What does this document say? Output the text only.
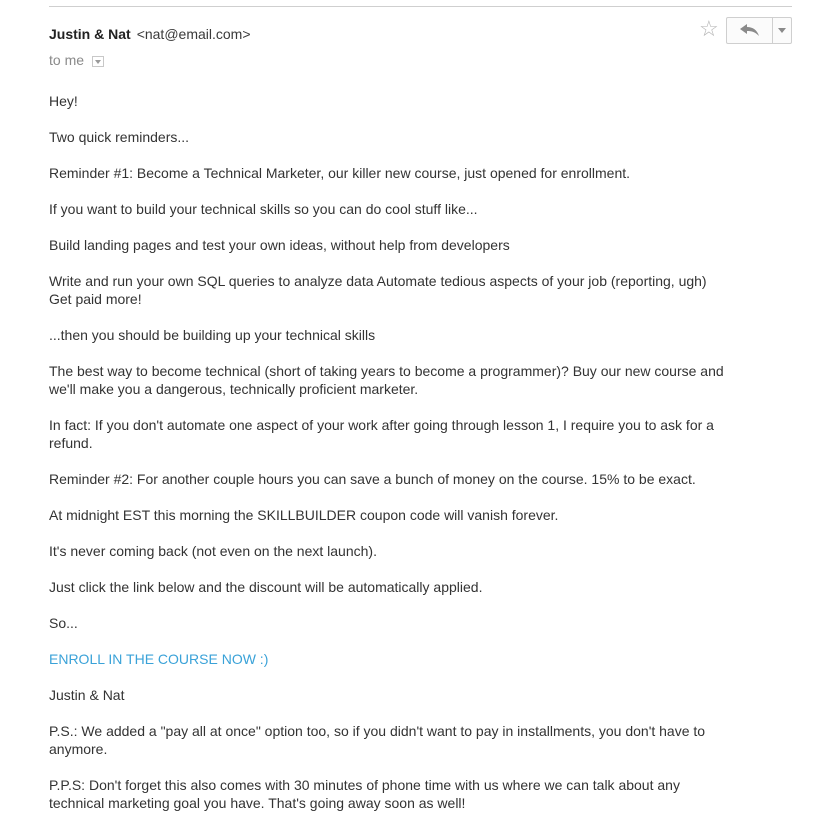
Justin & Nat <nat@email.com>
to me
☆

Hey!

Two quick reminders...

Reminder #1: Become a Technical Marketer, our killer new course, just opened for enrollment.

If you want to build your technical skills so you can do cool stuff like...

Build landing pages and test your own ideas, without help from developers

Write and run your own SQL queries to analyze data Automate tedious aspects of your job (reporting, ugh) Get paid more!

...then you should be building up your technical skills

The best way to become technical (short of taking years to become a programmer)? Buy our new course and we'll make you a dangerous, technically proficient marketer.

In fact: If you don't automate one aspect of your work after going through lesson 1, I require you to ask for a refund.

Reminder #2: For another couple hours you can save a bunch of money on the course. 15% to be exact.

At midnight EST this morning the SKILLBUILDER coupon code will vanish forever.

It's never coming back (not even on the next launch).

Just click the link below and the discount will be automatically applied.

So...

ENROLL IN THE COURSE NOW :)

Justin & Nat

P.S.: We added a "pay all at once" option too, so if you didn't want to pay in installments, you don't have to anymore.

P.P.S: Don't forget this also comes with 30 minutes of phone time with us where we can talk about any technical marketing goal you have. That's going away soon as well!
